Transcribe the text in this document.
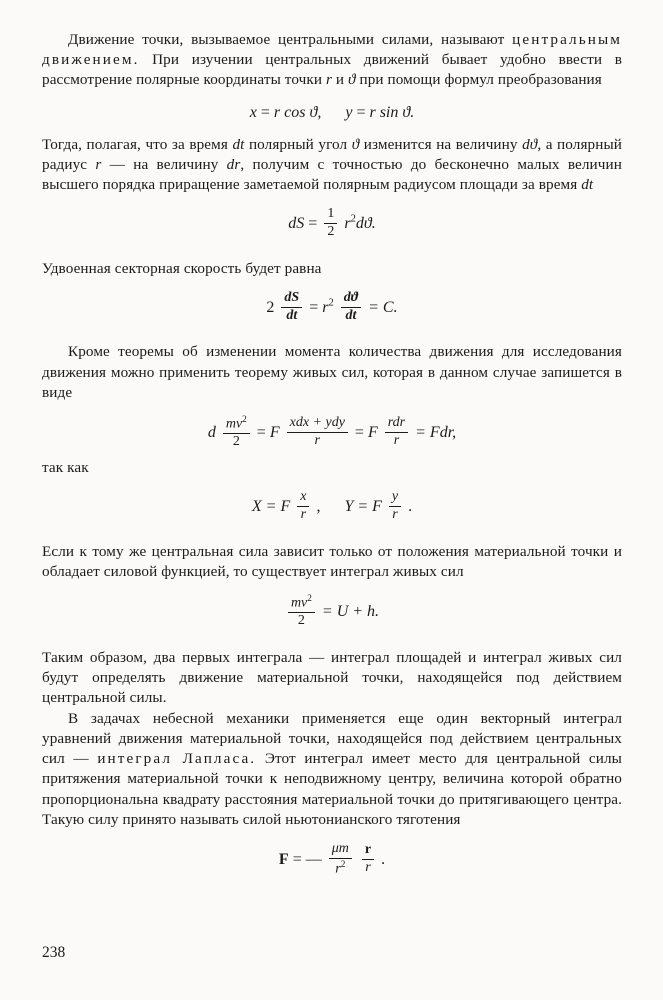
Движение точки, вызываемое центральными силами, называют центральным движением. При изучении центральных движений бывает удобно ввести в рассмотрение полярные координаты точки r и ϑ при помощи формул преобразования

x = r cos ϑ, y = r sin ϑ.

Тогда, полагая, что за время dt полярный угол ϑ изменится на величину dϑ, а полярный радиус r — на величину dr, получим с точностью до бесконечно малых величин высшего порядка приращение заметаемой полярным радиусом площади за время dt

dS = $\frac{1}{2} r^2dϑ$.

Удвоенная секторная скорость будет равна

$2 \frac{dS}{dt} = r^2 \frac{dϑ}{dt} = C$.

Кроме теоремы об изменении момента количества движения для исследования движения можно применить теорему живых сил, которая в данном случае запишется в виде

d $\frac{mv^2}{2} = F \frac{\text{xdx + ydy}}{r} = F \frac{\text{rdr}}{r}$ = Fdr,

так как

X = F $\frac{x}{r}$ , Y = F $\frac{y}{r}$ .

Если к тому же центральная сила зависит только от положения материальной точки и обладает силовой функцией, то существует интеграл живых сил

$\frac{mv^2}{2} = U + h$.

Таким образом, два первых интеграла — интеграл площадей и интеграл живых сил будут определять движение материальной точки, находящейся под действием центральной силы.

В задачах небесной механики применяется еще один векторный интеграл уравнений движения материальной точки, находящейся под действием центральных сил — интеграл Лапласа. Этот интеграл имеет место для центральной силы притяжения материальной точки к неподвижному центру, величина которой обратно пропорциональна квадрату расстояния материальной точки до притягивающего центра. Такую силу принято называть силой ньютонианского тяготения

F = — $\frac{\mu m}{r^2}$
$\frac{r}{r}$ .
238
